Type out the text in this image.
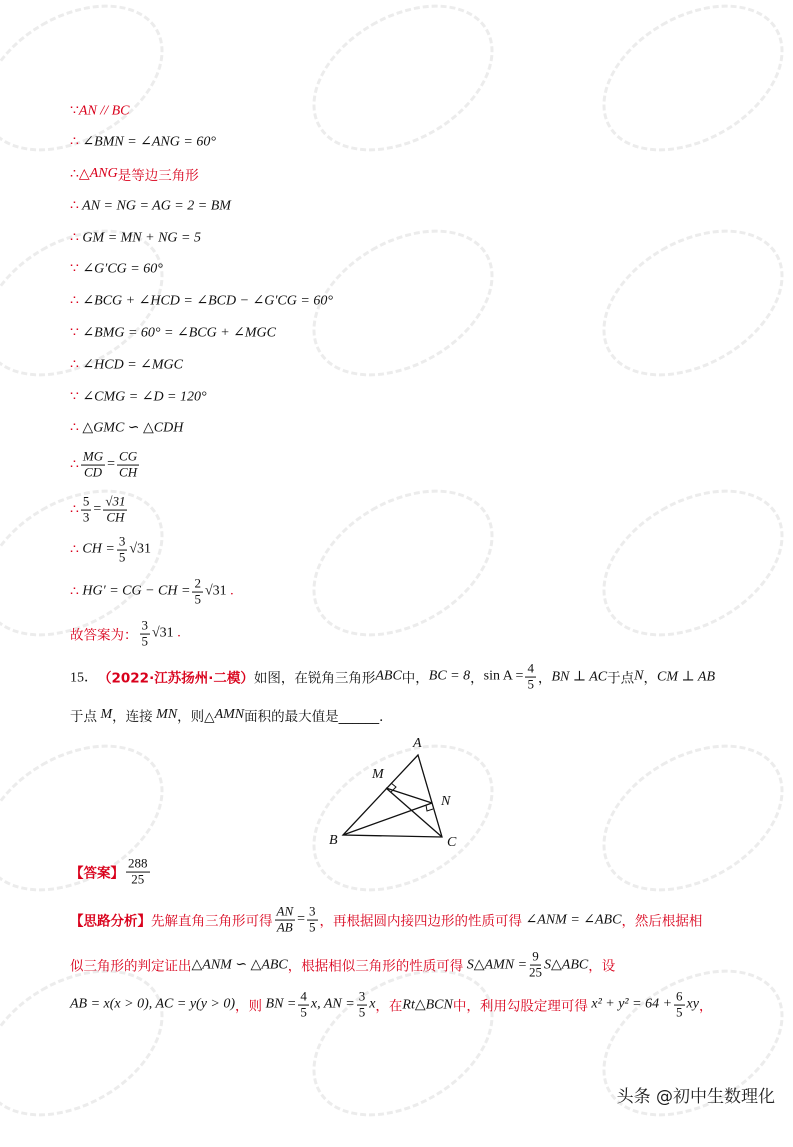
∵ AN // BC
∴ ∠BMN = ∠ANG = 60°
∴ △ ANG 是等边三角形
∴ AN = NG = AG = 2 = BM
∴ GM = MN + NG = 5
∵ ∠G′CG = 60°
∴ ∠BCG + ∠HCD = ∠BCD − ∠G′CG = 60°
∵ ∠BMG = 60° = ∠BCG + ∠MGC
∴ ∠HCD = ∠MGC
∵ ∠CMG = ∠D = 120°
∴ △GMC ∽ △CDH
∴ $\frac{MG}{CD} = \frac{CG}{CH}$
∴ $\frac{5}{3} = \frac{√31}{CH}$
∴ CH = $\frac{3}{5} √31$
∴ HG′ = CG − CH = $\frac{2}{5} √31$ .
故答案为： $\frac{3}{5} √31$ .
15． （2022·江苏扬州·二模） 如图，在锐角三角形 ABC 中， BC = 8 ， $\sin A = \frac{4}{5}$ ， BN ⊥ AC 于点 N ， CM ⊥ AB
于点 M ，连接 MN ，则△ AMN 面积的最大值是______．
【答案】 $\frac{288}{25}$
【思路分析】 先解直角三角形可得 $\frac{AN}{AB} = \frac{3}{5}$ ，再根据圆内接四边形的性质可得 ∠ANM = ∠ABC ，然后根据相
似三角形的判定证出 △ANM ∽ △ABC ，根据相似三角形的性质可得 S△AMN = $\frac{9}{25}$ S△ABC ，设
AB = x(x > 0), AC = y(y > 0) ，则 BN = $\frac{4}{5} x$, AN = $\frac{3}{5}$ x ，在 Rt△BCN 中，利用勾股定理可得 $x^2 + y^2 = 64 + \frac{6}{5}$ xy ，
A
B	C
M
N
头条 @初中生数理化
